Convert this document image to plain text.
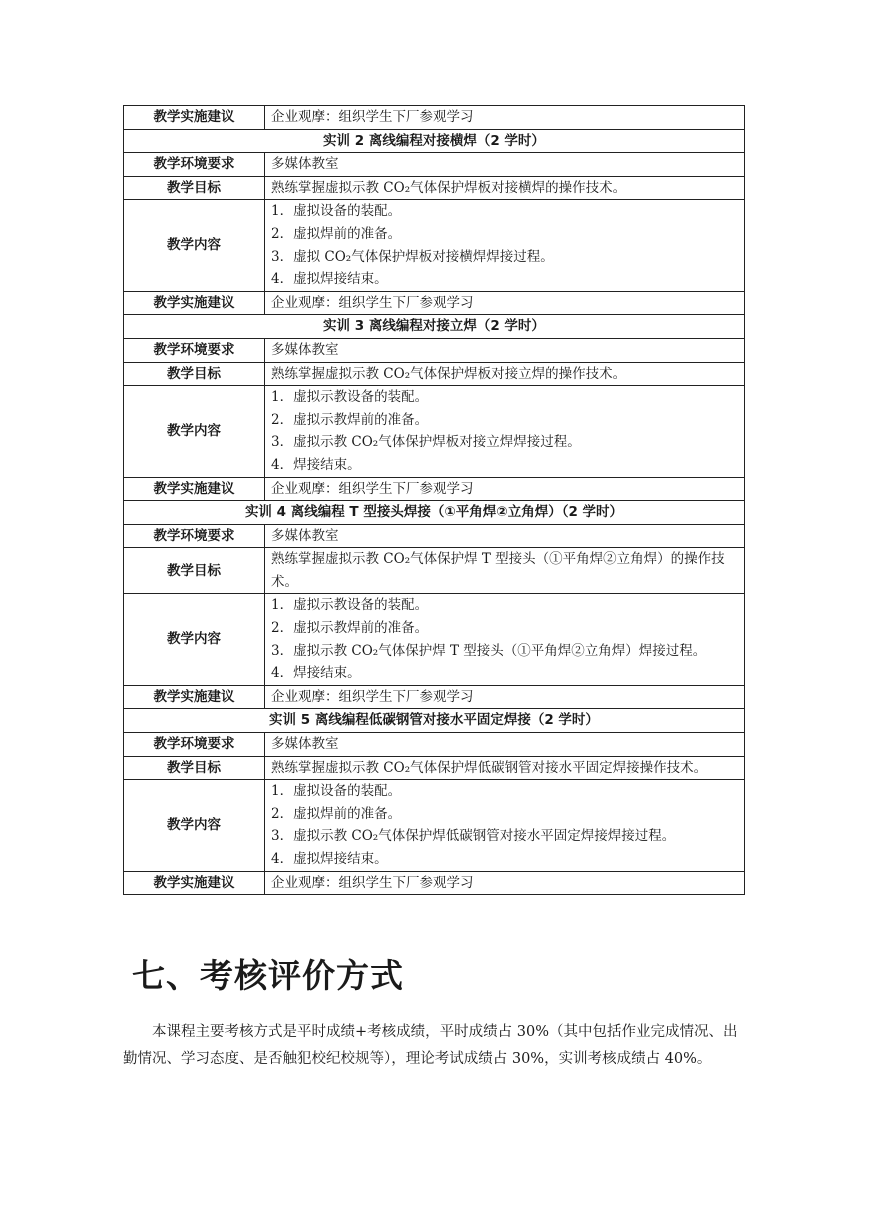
教学实施建议	企业观摩：组织学生下厂参观学习
实训 2 离线编程对接横焊（2 学时）	
教学环境要求	多媒体教室
教学目标	熟练掌握虚拟示教 CO₂气体保护焊板对接横焊的操作技术。
教学内容	1．虚拟设备的装配。
2．虚拟焊前的准备。
3．虚拟 CO₂气体保护焊板对接横焊焊接过程。
4．虚拟焊接结束。

教学实施建议	企业观摩：组织学生下厂参观学习
实训 3 离线编程对接立焊（2 学时）	
教学环境要求	多媒体教室
教学目标	熟练掌握虚拟示教 CO₂气体保护焊板对接立焊的操作技术。
教学内容	1．虚拟示教设备的装配。
2．虚拟示教焊前的准备。
3．虚拟示教 CO₂气体保护焊板对接立焊焊接过程。
4．焊接结束。

教学实施建议	企业观摩：组织学生下厂参观学习
实训 4 离线编程 T 型接头焊接（①平角焊②立角焊）（2 学时）	
教学环境要求	多媒体教室
教学目标	熟练掌握虚拟示教 CO₂气体保护焊 T 型接头（①平角焊②立角焊）的操作技术。
教学内容	1．虚拟示教设备的装配。
2．虚拟示教焊前的准备。
3．虚拟示教 CO₂气体保护焊 T 型接头（①平角焊②立角焊）焊接过程。
4．焊接结束。

教学实施建议	企业观摩：组织学生下厂参观学习
实训 5 离线编程低碳钢管对接水平固定焊接（2 学时）	
教学环境要求	多媒体教室
教学目标	熟练掌握虚拟示教 CO₂气体保护焊低碳钢管对接水平固定焊接操作技术。
教学内容	1．虚拟设备的装配。
2．虚拟焊前的准备。
3．虚拟示教 CO₂气体保护焊低碳钢管对接水平固定焊接焊接过程。
4．虚拟焊接结束。

教学实施建议	企业观摩：组织学生下厂参观学习
七、考核评价方式

本课程主要考核方式是平时成绩+考核成绩，平时成绩占 30%（其中包括作业完成情况、出勤情况、学习态度、是否触犯校纪校规等），理论考试成绩占 30%，实训考核成绩占 40%。
